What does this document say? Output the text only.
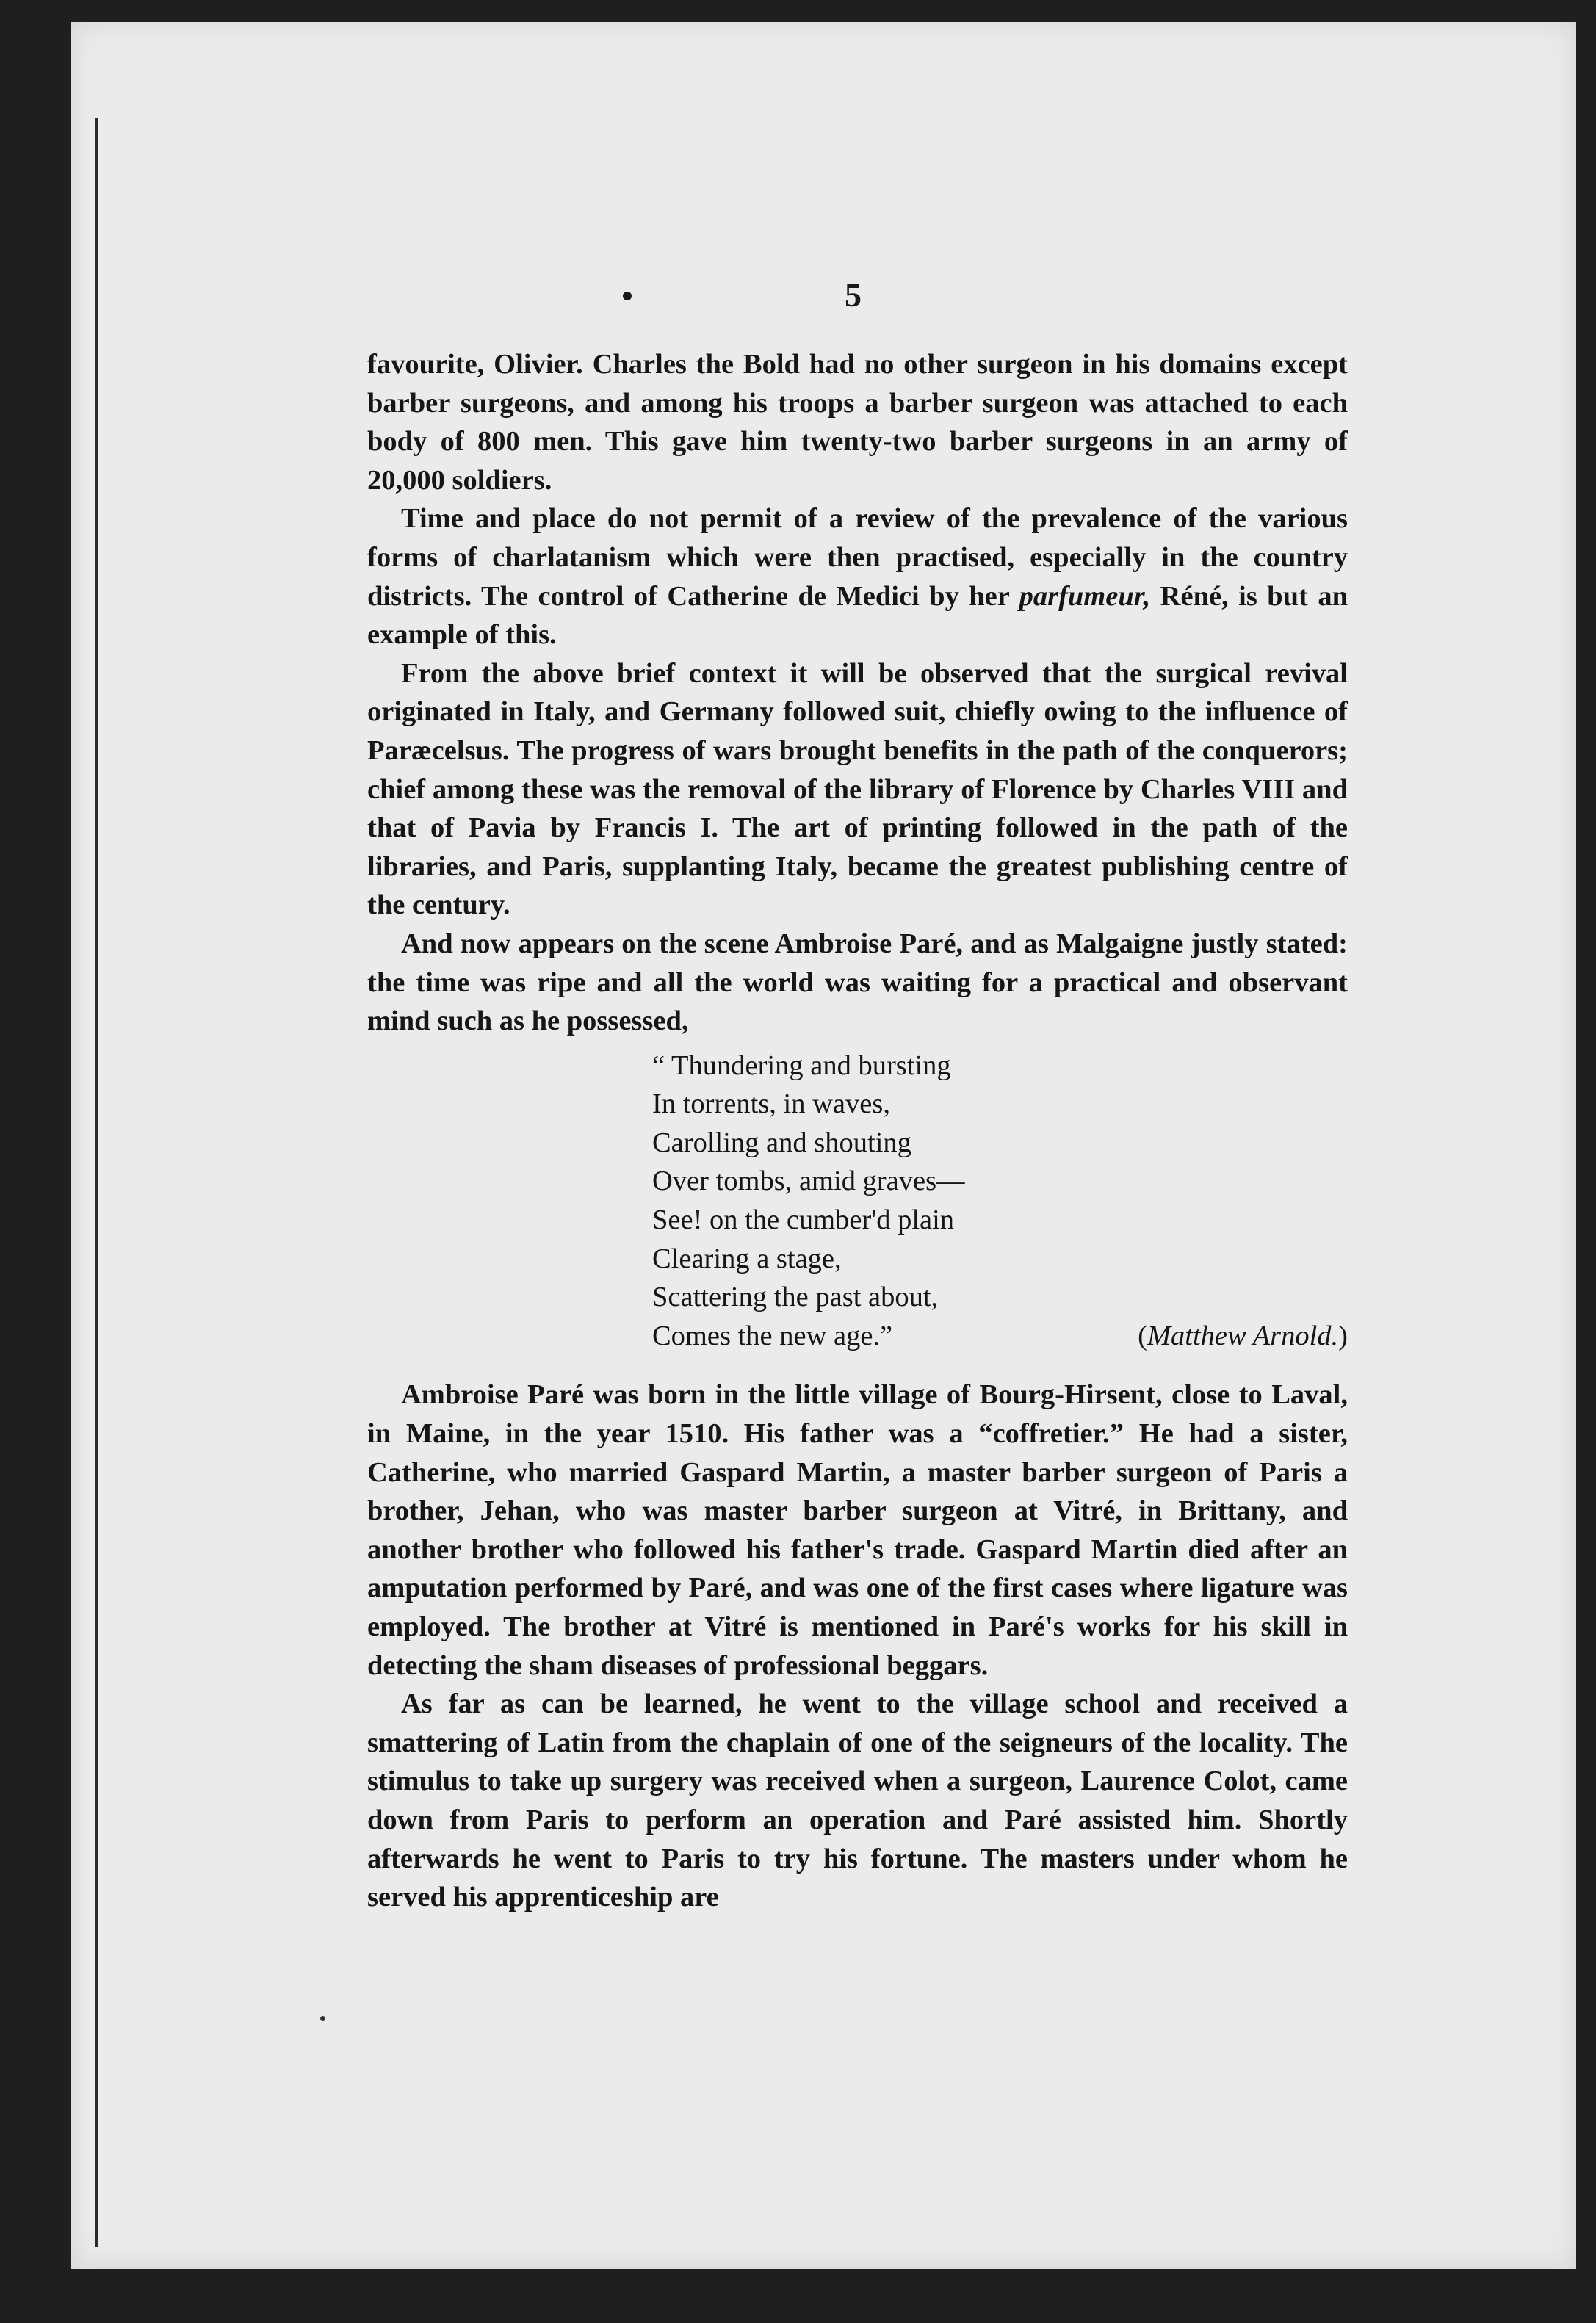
5

favourite, Olivier. Charles the Bold had no other surgeon in his domains except barber surgeons, and among his troops a barber surgeon was attached to each body of 800 men. This gave him twenty-two barber surgeons in an army of 20,000 soldiers.

Time and place do not permit of a review of the prevalence of the various forms of charlatanism which were then practised, especially in the country districts. The control of Catherine de Medici by her parfumeur, Réné, is but an example of this.

From the above brief context it will be observed that the surgical revival originated in Italy, and Germany followed suit, chiefly owing to the influence of Paræcelsus. The progress of wars brought benefits in the path of the conquerors; chief among these was the removal of the library of Florence by Charles VIII and that of Pavia by Francis I. The art of printing followed in the path of the libraries, and Paris, supplanting Italy, became the greatest publishing centre of the century.

And now appears on the scene Ambroise Paré, and as Malgaigne justly stated: the time was ripe and all the world was waiting for a practical and observant mind such as he possessed,

“ Thundering and bursting
In torrents, in waves,
Carolling and shouting
Over tombs, amid graves—
See! on the cumber'd plain
Clearing a stage,
Scattering the past about,
Comes the new age.”	(Matthew Arnold.)

Ambroise Paré was born in the little village of Bourg-Hirsent, close to Laval, in Maine, in the year 1510. His father was a “coffretier.” He had a sister, Catherine, who married Gaspard Martin, a master barber surgeon of Paris a brother, Jehan, who was master barber surgeon at Vitré, in Brittany, and another brother who followed his father's trade. Gaspard Martin died after an amputation performed by Paré, and was one of the first cases where ligature was employed. The brother at Vitré is mentioned in Paré's works for his skill in detecting the sham diseases of professional beggars.

As far as can be learned, he went to the village school and received a smattering of Latin from the chaplain of one of the seigneurs of the locality. The stimulus to take up surgery was received when a surgeon, Laurence Colot, came down from Paris to perform an operation and Paré assisted him. Shortly afterwards he went to Paris to try his fortune. The masters under whom he served his apprenticeship are
